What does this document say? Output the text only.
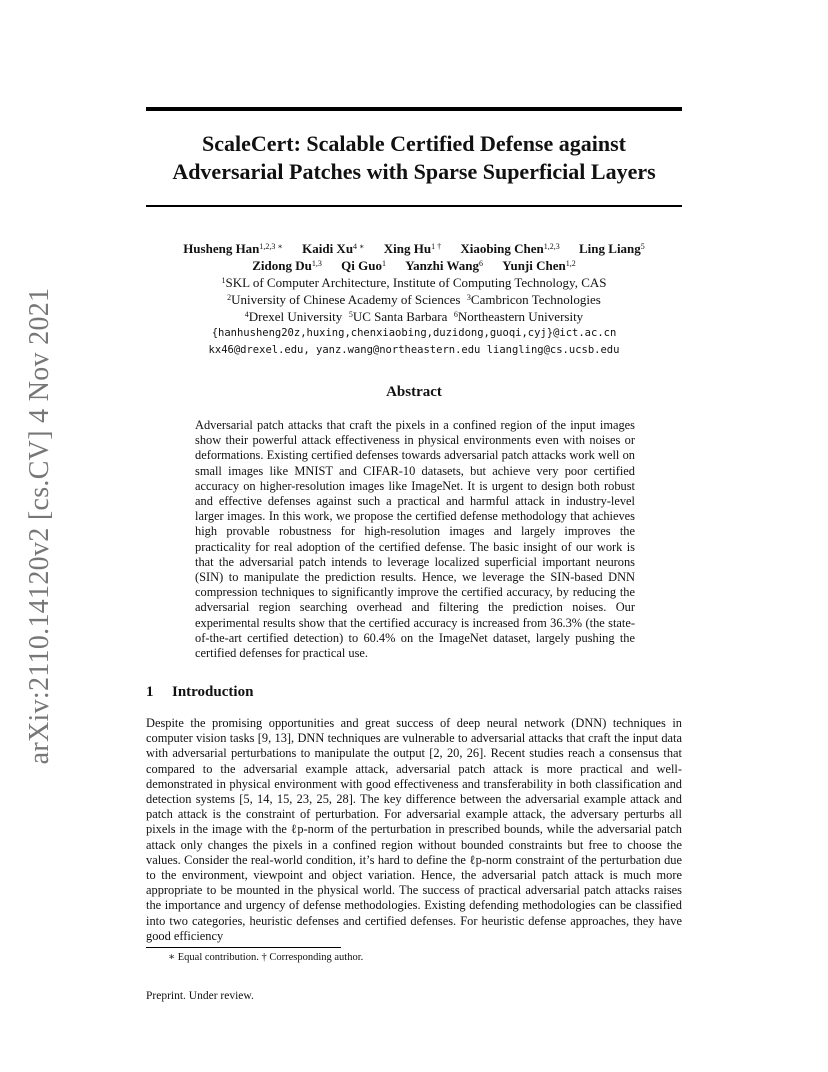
arXiv:2110.14120v2 [cs.CV] 4 Nov 2021
ScaleCert: Scalable Certified Defense against
Adversarial Patches with Sparse Superficial Layers
Husheng Han$^{1,2,3 ∗}$ Kaidi $Xu^{4 ∗}$ Xing $Hu^{1 \dagger}$ Xiaobing Chen$^{1,2,3}$ Ling Liang$^5$
Zidong Du$^{1,3}$ Qi Guo$^1$ Yanzhi Wang$^6$ Yunji Chen$^{1,2}$
$^1$SKL of Computer Architecture, Institute of Computing Technology, CAS
$^2$University of Chinese Academy of Sciences $^3$Cambricon Technologies
$^4$Drexel University $^5$UC Santa Barbara $^6$Northeastern University
{hanhusheng20z,huxing,chenxiaobing,duzidong,guoqi,cyj}@ict.ac.cn
kx46@drexel.edu, yanz.wang@northeastern.edu liangling@cs.ucsb.edu
Abstract
Adversarial patch attacks that craft the pixels in a confined region of the input images show their powerful attack effectiveness in physical environments even with noises or deformations. Existing certified defenses towards adversarial patch attacks work well on small images like MNIST and CIFAR-10 datasets, but achieve very poor certified accuracy on higher-resolution images like ImageNet. It is urgent to design both robust and effective defenses against such a practical and harmful attack in industry-level larger images. In this work, we propose the certified defense methodology that achieves high provable robustness for high-resolution images and largely improves the practicality for real adoption of the certified defense. The basic insight of our work is that the adversarial patch intends to leverage localized superficial important neurons (SIN) to manipulate the prediction results. Hence, we leverage the SIN-based DNN compression techniques to significantly improve the certified accuracy, by reducing the adversarial region searching overhead and filtering the prediction noises. Our experimental results show that the certified accuracy is increased from 36.3% (the state-of-the-art certified detection) to 60.4% on the ImageNet dataset, largely pushing the certified defenses for practical use.
1 Introduction
Despite the promising opportunities and great success of deep neural network (DNN) techniques in computer vision tasks [9, 13], DNN techniques are vulnerable to adversarial attacks that craft the input data with adversarial perturbations to manipulate the output [2, 20, 26]. Recent studies reach a consensus that compared to the adversarial example attack, adversarial patch attack is more practical and well-demonstrated in physical environment with good effectiveness and transferability in both classification and detection systems [5, 14, 15, 23, 25, 28]. The key difference between the adversarial example attack and patch attack is the constraint of perturbation. For adversarial example attack, the adversary perturbs all pixels in the image with the ℓp-norm of the perturbation in prescribed bounds, while the adversarial patch attack only changes the pixels in a confined region without bounded constraints but free to choose the values. Consider the real-world condition, it’s hard to define the ℓp-norm constraint of the perturbation due to the environment, viewpoint and object variation. Hence, the adversarial patch attack is much more appropriate to be mounted in the physical world. The success of practical adversarial patch attacks raises the importance and urgency of defense methodologies. Existing defending methodologies can be classified into two categories, heuristic defenses and certified defenses. For heuristic defense approaches, they have good efficiency
∗ Equal contribution. † Corresponding author.
Preprint. Under review.
